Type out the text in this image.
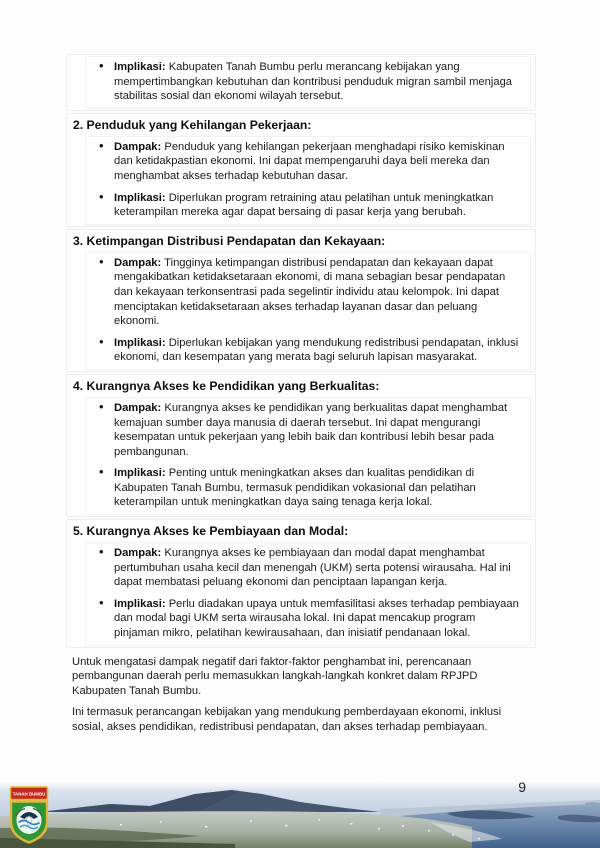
• Implikasi: Kabupaten Tanah Bumbu perlu merancang kebijakan yang mempertimbangkan kebutuhan dan kontribusi penduduk migran sambil menjaga stabilitas sosial dan ekonomi wilayah tersebut.
2. Penduduk yang Kehilangan Pekerjaan:
• Dampak: Penduduk yang kehilangan pekerjaan menghadapi risiko kemiskinan dan ketidakpastian ekonomi. Ini dapat mempengaruhi daya beli mereka dan menghambat akses terhadap kebutuhan dasar.
• Implikasi: Diperlukan program retraining atau pelatihan untuk meningkatkan keterampilan mereka agar dapat bersaing di pasar kerja yang berubah.
3. Ketimpangan Distribusi Pendapatan dan Kekayaan:
• Dampak: Tingginya ketimpangan distribusi pendapatan dan kekayaan dapat mengakibatkan ketidaksetaraan ekonomi, di mana sebagian besar pendapatan dan kekayaan terkonsentrasi pada segelintir individu atau kelompok. Ini dapat menciptakan ketidaksetaraan akses terhadap layanan dasar dan peluang ekonomi.
• Implikasi: Diperlukan kebijakan yang mendukung redistribusi pendapatan, inklusi ekonomi, dan kesempatan yang merata bagi seluruh lapisan masyarakat.
4. Kurangnya Akses ke Pendidikan yang Berkualitas:
• Dampak: Kurangnya akses ke pendidikan yang berkualitas dapat menghambat kemajuan sumber daya manusia di daerah tersebut. Ini dapat mengurangi kesempatan untuk pekerjaan yang lebih baik dan kontribusi lebih besar pada pembangunan.
• Implikasi: Penting untuk meningkatkan akses dan kualitas pendidikan di Kabupaten Tanah Bumbu, termasuk pendidikan vokasional dan pelatihan keterampilan untuk meningkatkan daya saing tenaga kerja lokal.
5. Kurangnya Akses ke Pembiayaan dan Modal:
• Dampak: Kurangnya akses ke pembiayaan dan modal dapat menghambat pertumbuhan usaha kecil dan menengah (UKM) serta potensi wirausaha. Hal ini dapat membatasi peluang ekonomi dan penciptaan lapangan kerja.
• Implikasi: Perlu diadakan upaya untuk memfasilitasi akses terhadap pembiayaan dan modal bagi UKM serta wirausaha lokal. Ini dapat mencakup program pinjaman mikro, pelatihan kewirausahaan, dan inisiatif pendanaan lokal.

Untuk mengatasi dampak negatif dari faktor-faktor penghambat ini, perencanaan pembangunan daerah perlu memasukkan langkah-langkah konkret dalam RPJPD Kabupaten Tanah Bumbu.

Ini termasuk perancangan kebijakan yang mendukung pemberdayaan ekonomi, inklusi sosial, akses pendidikan, redistribusi pendapatan, dan akses terhadap pembiayaan.

9
TANAH BUMBU
